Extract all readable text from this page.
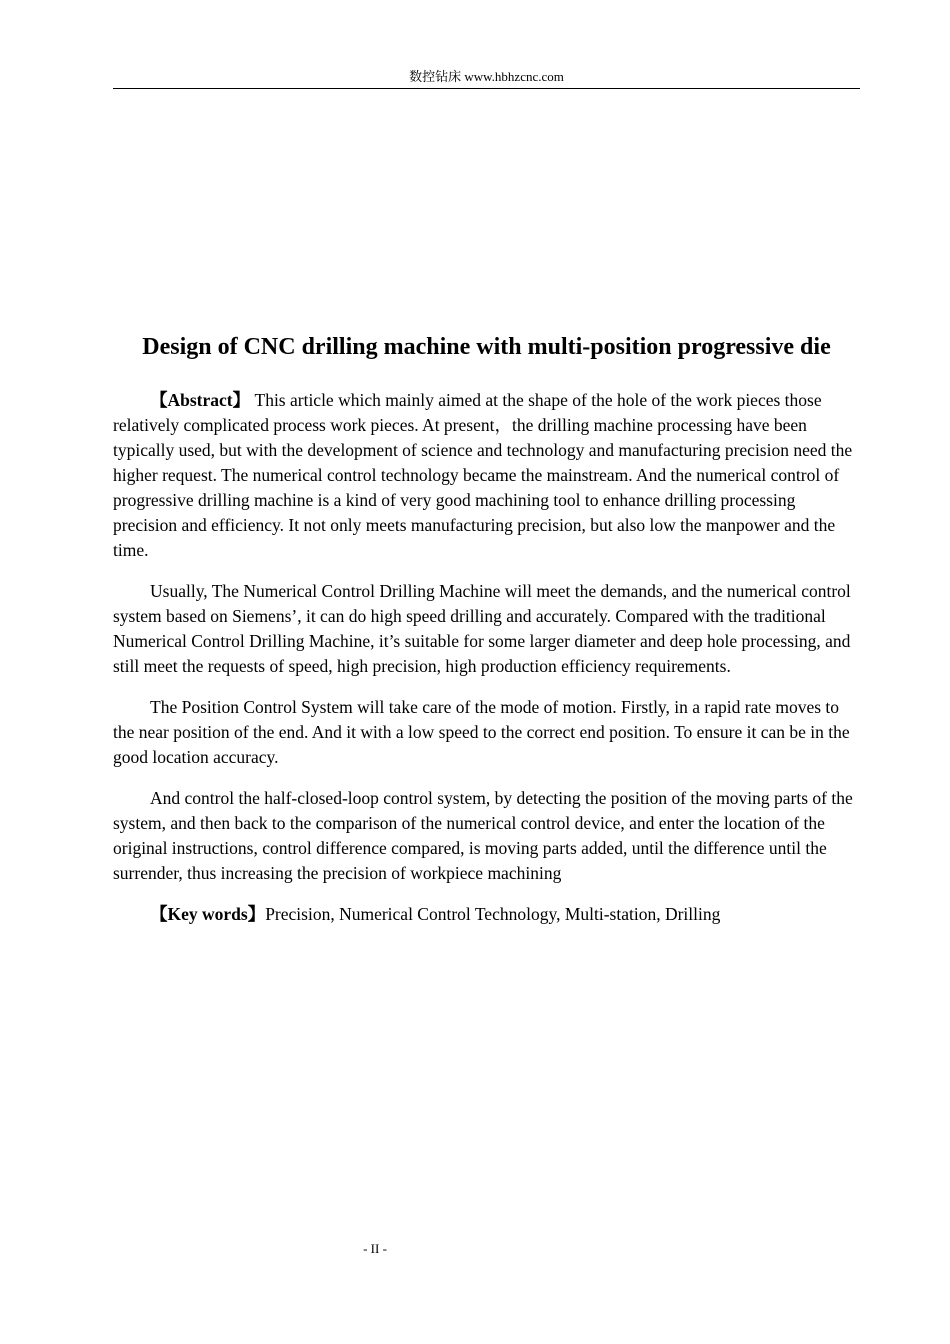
数控钻床 www.hbhzcnc.com
Design of CNC drilling machine with multi-position progressive die

【Abstract】 This article which mainly aimed at the shape of the hole of the work pieces those relatively complicated process work pieces. At present，the drilling machine processing have been typically used, but with the development of science and technology and manufacturing precision need the higher request. The numerical control technology became the mainstream. And the numerical control of progressive drilling machine is a kind of very good machining tool to enhance drilling processing precision and efficiency. It not only meets manufacturing precision, but also low the manpower and the time.

Usually, The Numerical Control Drilling Machine will meet the demands, and the numerical control system based on Siemens’, it can do high speed drilling and accurately. Compared with the traditional Numerical Control Drilling Machine, it’s suitable for some larger diameter and deep hole processing, and still meet the requests of speed, high precision, high production efficiency requirements.

The Position Control System will take care of the mode of motion. Firstly, in a rapid rate moves to the near position of the end. And it with a low speed to the correct end position. To ensure it can be in the good location accuracy.

And control the half-closed-loop control system, by detecting the position of the moving parts of the system, and then back to the comparison of the numerical control device, and enter the location of the original instructions, control difference compared, is moving parts added, until the difference until the surrender, thus increasing the precision of workpiece machining

【Key words】Precision, Numerical Control Technology, Multi-station, Drilling

- II -
